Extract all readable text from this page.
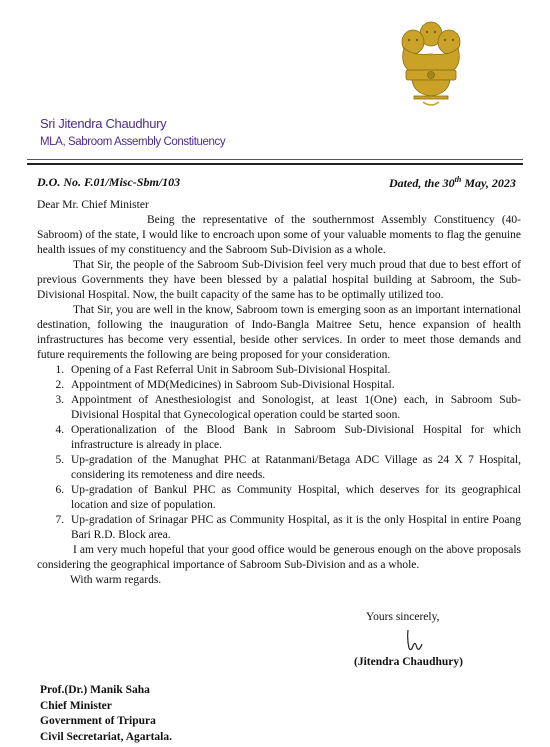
Sri Jitendra Chaudhury
MLA, Sabroom Assembly Constituency
D.O. No. F.01/Misc-Sbm/103	Dated, the 30th May, 2023

Dear Mr. Chief Minister

Being the representative of the southernmost Assembly Constituency (40-Sabroom) of the state, I would like to encroach upon some of your valuable moments to flag the genuine health issues of my constituency and the Sabroom Sub-Division as a whole.

That Sir, the people of the Sabroom Sub-Division feel very much proud that due to best effort of previous Governments they have been blessed by a palatial hospital building at Sabroom, the Sub-Divisional Hospital. Now, the built capacity of the same has to be optimally utilized too.

That Sir, you are well in the know, Sabroom town is emerging soon as an important international destination, following the inauguration of Indo-Bangla Maitree Setu, hence expansion of health infrastructures has become very essential, beside other services. In order to meet those demands and future requirements the following are being proposed for your consideration.

1. Opening of a Fast Referral Unit in Sabroom Sub-Divisional Hospital.
2. Appointment of MD(Medicines) in Sabroom Sub-Divisional Hospital.
3. Appointment of Anesthesiologist and Sonologist, at least 1(One) each, in Sabroom Sub-Divisional Hospital that Gynecological operation could be started soon.
4. Operationalization of the Blood Bank in Sabroom Sub-Divisional Hospital for which infrastructure is already in place.
5. Up-gradation of the Manughat PHC at Ratanmani/Betaga ADC Village as 24 X 7 Hospital, considering its remoteness and dire needs.
6. Up-gradation of Bankul PHC as Community Hospital, which deserves for its geographical location and size of population.
7. Up-gradation of Srinagar PHC as Community Hospital, as it is the only Hospital in entire Poang Bari R.D. Block area.

I am very much hopeful that your good office would be generous enough on the above proposals considering the geographical importance of Sabroom Sub-Division and as a whole.

With warm regards.

Yours sincerely,
(Jitendra Chaudhury)
Prof.(Dr.) Manik Saha
Chief Minister
Government of Tripura
Civil Secretariat, Agartala.
